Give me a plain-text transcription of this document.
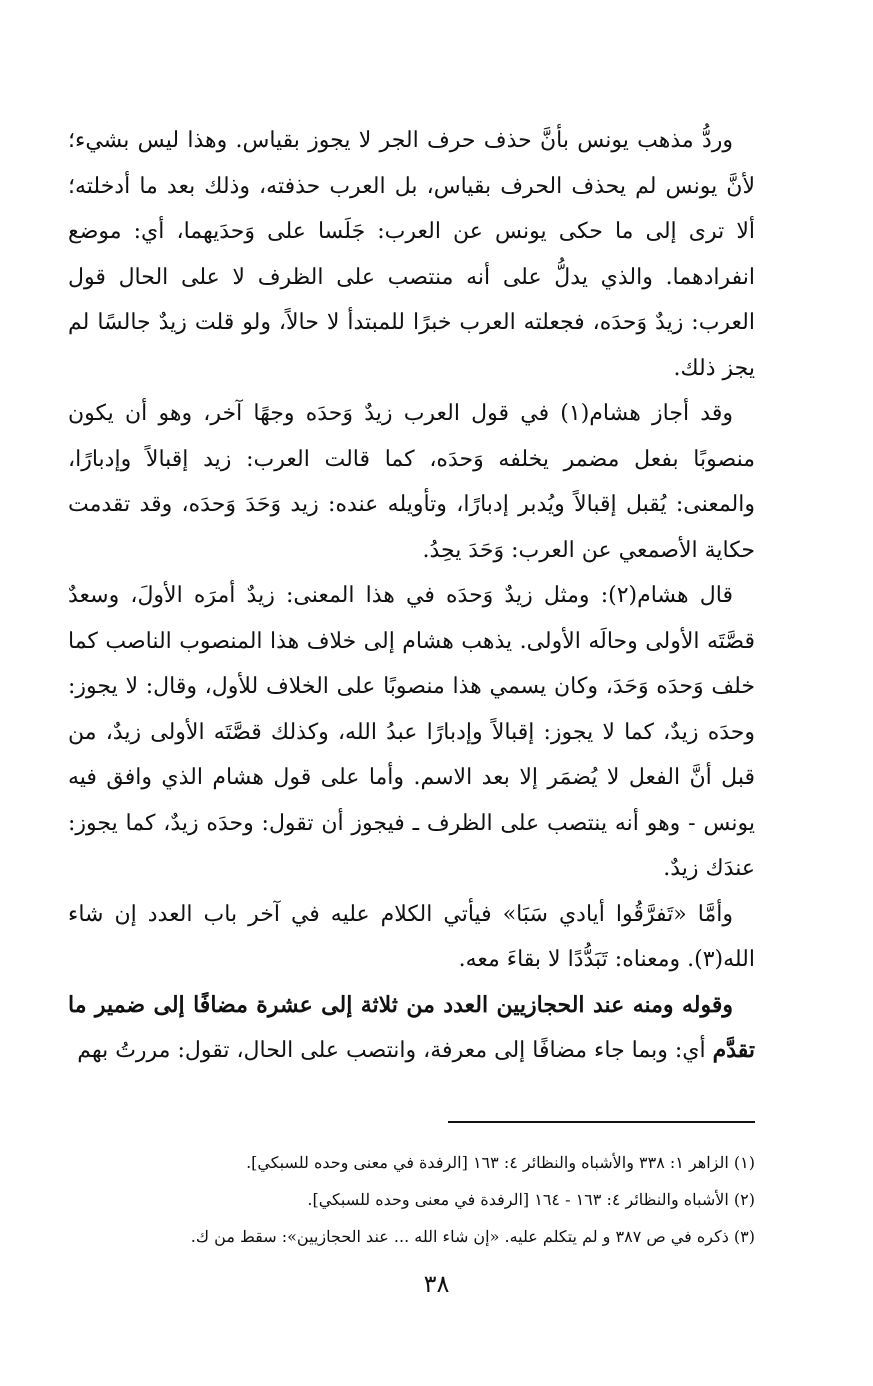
وردُّ مذهب يونس بأنَّ حذف حرف الجر لا يجوز بقياس. وهذا ليس بشيء؛ لأنَّ يونس لم يحذف الحرف بقياس، بل العرب حذفته، وذلك بعد ما أدخلته؛ ألا ترى إلى ما حكى يونس عن العرب: جَلَسا على وَحدَيهما، أي: موضع انفرادهما. والذي يدلُّ على أنه منتصب على الظرف لا على الحال قول العرب: زيدٌ وَحدَه، فجعلته العرب خبرًا للمبتدأ لا حالاً، ولو قلت زيدٌ جالسًا لم يجز ذلك.

وقد أجاز هشام(١) في قول العرب زيدٌ وَحدَه وجهًا آخر، وهو أن يكون منصوبًا بفعل مضمر يخلفه وَحدَه، كما قالت العرب: زيد إقبالاً وإدبارًا، والمعنى: يُقبل إقبالاً ويُدبر إدبارًا، وتأويله عنده: زيد وَحَدَ وَحدَه، وقد تقدمت حكاية الأصمعي عن العرب: وَحَدَ يحِدُ.

قال هشام(٢): ومثل زيدٌ وَحدَه في هذا المعنى: زيدٌ أمرَه الأولَ، وسعدٌ قصَّتَه الأولى وحالَه الأولى. يذهب هشام إلى خلاف هذا المنصوب الناصب كما خلف وَحدَه وَحَدَ، وكان يسمي هذا منصوبًا على الخلاف للأول، وقال: لا يجوز: وحدَه زيدٌ، كما لا يجوز: إقبالاً وإدبارًا عبدُ الله، وكذلك قصَّتَه الأولى زيدٌ، من قبل أنَّ الفعل لا يُضمَر إلا بعد الاسم. وأما على قول هشام الذي وافق فيه يونس - وهو أنه ينتصب على الظرف ـ فيجوز أن تقول: وحدَه زيدٌ، كما يجوز: عندَك زيدٌ.

وأمَّا «تَفرَّقُوا أيادي سَبَا» فيأتي الكلام عليه في آخر باب العدد إن شاء الله(٣). ومعناه: تَبَدُّدًا لا بقاءَ معه.

وقوله ومنه عند الحجازيين العدد من ثلاثة إلى عشرة مضافًا إلى ضمير ما تقدَّم أي: وبما جاء مضافًا إلى معرفة، وانتصب على الحال، تقول: مررتُ بهم

(١) الزاهر ١: ٣٣٨ والأشباه والنظائر ٤: ١٦٣ [الرفدة في معنى وحده للسبكي].
(٢) الأشباه والنظائر ٤: ١٦٣ - ١٦٤ [الرفدة في معنى وحده للسبكي].
(٣) ذكره في ص ٣٨٧ و لم يتكلم عليه. «إن شاء الله ... عند الحجازيين»: سقط من ك.
٣٨
